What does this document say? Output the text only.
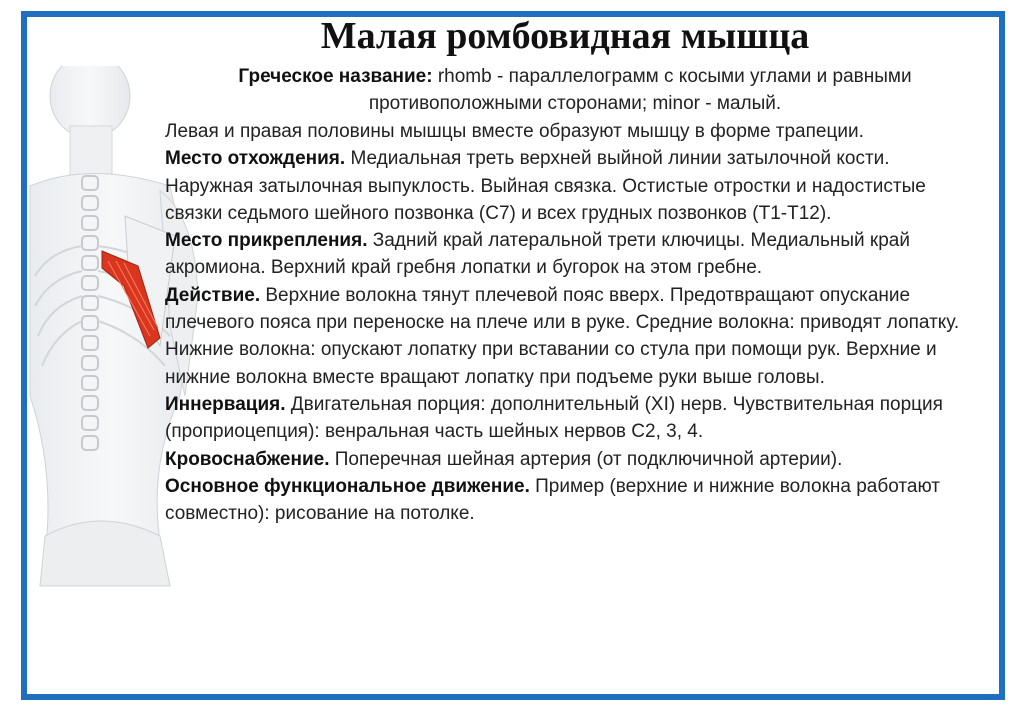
Малая ромбовидная мышца

Греческое название: rhomb - параллелограмм с косыми углами и равными противоположными сторонами; minor - малый.

Левая и правая половины мышцы вместе образуют мышцу в форме трапеции.

Место отхождения. Медиальная треть верхней выйной линии затылочной кости. Наружная затылочная выпуклость. Выйная связка. Остистые отростки и надостистые связки седьмого шейного позвонка (C7) и всех грудных позвонков (T1-T12).

Место прикрепления. Задний край латеральной трети ключицы. Медиальный край акромиона. Верхний край гребня лопатки и бугорок на этом гребне.

Действие. Верхние волокна тянут плечевой пояс вверх. Предотвращают опускание плечевого пояса при переноске на плече или в руке. Средние волокна: приводят лопатку. Нижние волокна: опускают лопатку при вставании со стула при помощи рук. Верхние и нижние волокна вместе вращают лопатку при подъеме руки выше головы.

Иннервация. Двигательная порция: дополнительный (XI) нерв. Чувствительная порция (проприоцепция): венральная часть шейных нервов C2, 3, 4.

Кровоснабжение. Поперечная шейная артерия (от подключичной артерии).

Основное функциональное движение. Пример (верхние и нижние волокна работают совместно): рисование на потолке.
